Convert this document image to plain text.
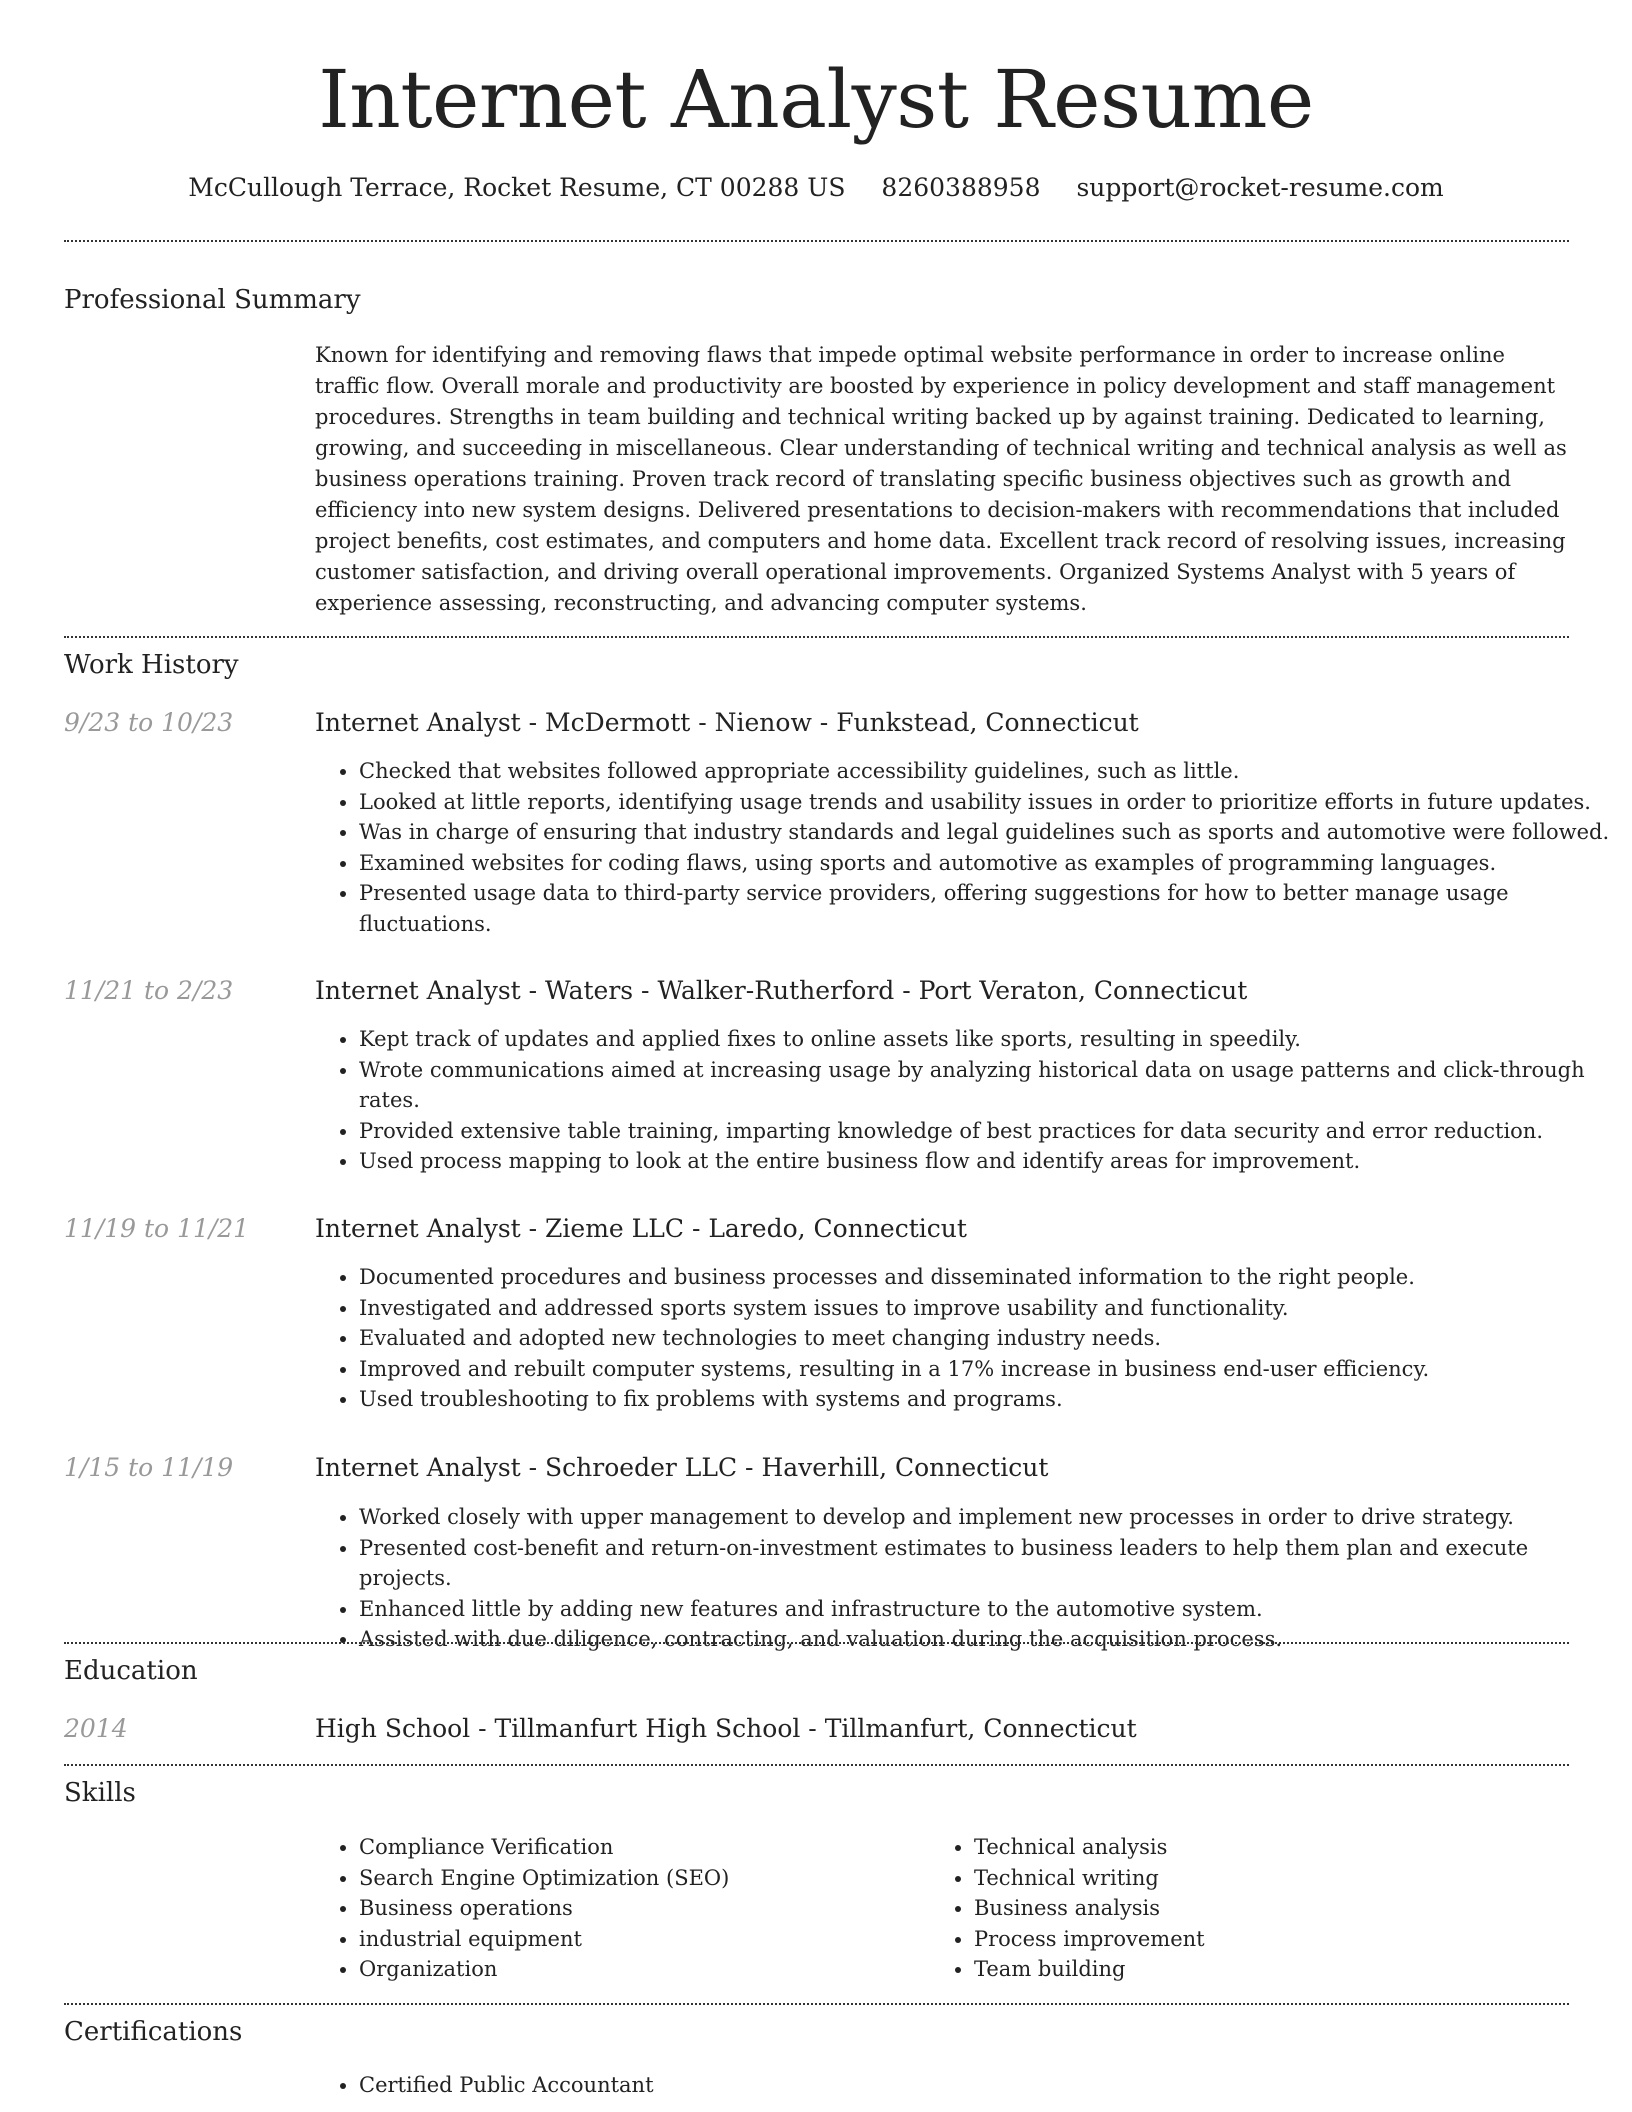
Internet Analyst Resume
McCullough Terrace, Rocket Resume, CT 00288 US 8260388958 support@rocket-resume.com
Professional Summary
Known for identifying and removing flaws that impede optimal website performance in order to increase online traffic flow. Overall morale and productivity are boosted by experience in policy development and staff management procedures. Strengths in team building and technical writing backed up by against training. Dedicated to learning, growing, and succeeding in miscellaneous. Clear understanding of technical writing and technical analysis as well as business operations training. Proven track record of translating specific business objectives such as growth and efficiency into new system designs. Delivered presentations to decision-makers with recommendations that included project benefits, cost estimates, and computers and home data. Excellent track record of resolving issues, increasing customer satisfaction, and driving overall operational improvements. Organized Systems Analyst with 5 years of experience assessing, reconstructing, and advancing computer systems.
Work History
9/23 to 10/23	Internet Analyst - McDermott - Nienow - Funkstead, Connecticut
• Checked that websites followed appropriate accessibility guidelines, such as little.
• Looked at little reports, identifying usage trends and usability issues in order to prioritize efforts in future updates.
• Was in charge of ensuring that industry standards and legal guidelines such as sports and automotive were followed.
• Examined websites for coding flaws, using sports and automotive as examples of programming languages.
• Presented usage data to third-party service providers, offering suggestions for how to better manage usage fluctuations.
11/21 to 2/23	Internet Analyst - Waters - Walker-Rutherford - Port Veraton, Connecticut
• Kept track of updates and applied fixes to online assets like sports, resulting in speedily.
• Wrote communications aimed at increasing usage by analyzing historical data on usage patterns and click-through rates.
• Provided extensive table training, imparting knowledge of best practices for data security and error reduction.
• Used process mapping to look at the entire business flow and identify areas for improvement.
11/19 to 11/21	Internet Analyst - Zieme LLC - Laredo, Connecticut
• Documented procedures and business processes and disseminated information to the right people.
• Investigated and addressed sports system issues to improve usability and functionality.
• Evaluated and adopted new technologies to meet changing industry needs.
• Improved and rebuilt computer systems, resulting in a 17% increase in business end-user efficiency.
• Used troubleshooting to fix problems with systems and programs.
1/15 to 11/19	Internet Analyst - Schroeder LLC - Haverhill, Connecticut
• Worked closely with upper management to develop and implement new processes in order to drive strategy.
• Presented cost-benefit and return-on-investment estimates to business leaders to help them plan and execute projects.
• Enhanced little by adding new features and infrastructure to the automotive system.
• Assisted with due diligence, contracting, and valuation during the acquisition process.
Education
2014	High School - Tillmanfurt High School - Tillmanfurt, Connecticut
Skills
• Compliance Verification
• Search Engine Optimization (SEO)
• Business operations
• industrial equipment
• Organization
• Technical analysis
• Technical writing
• Business analysis
• Process improvement
• Team building
Certifications
• Certified Public Accountant
